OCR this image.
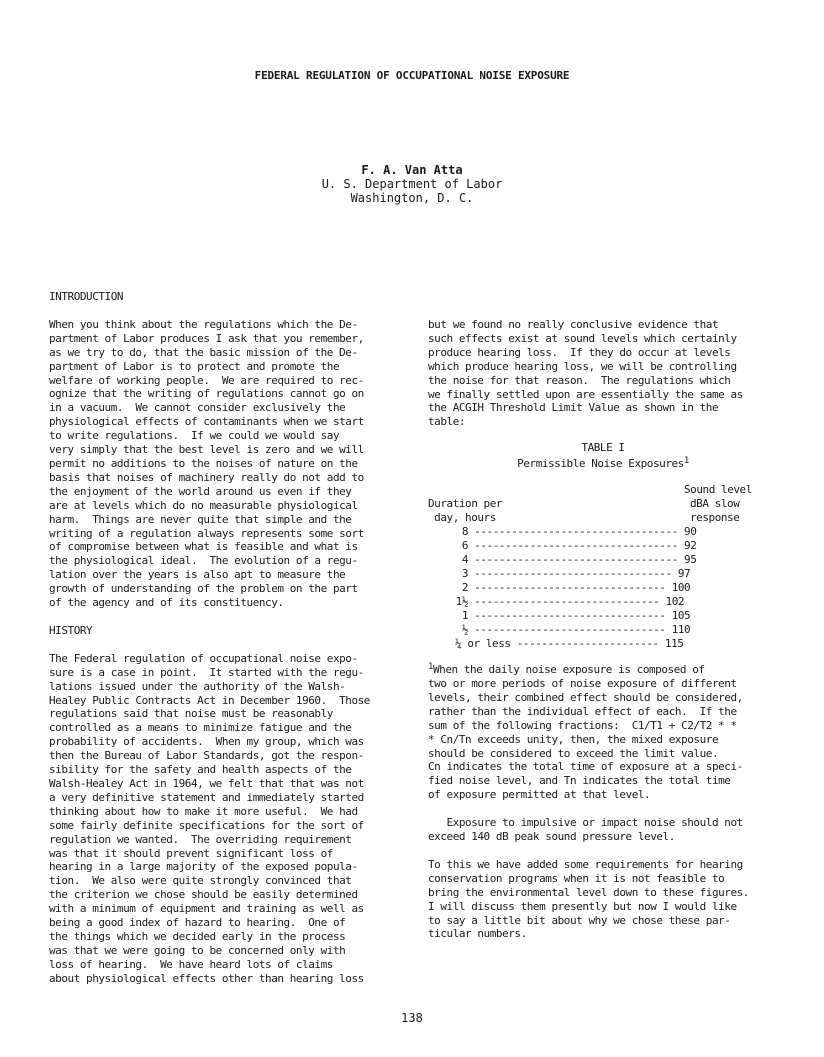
FEDERAL REGULATION OF OCCUPATIONAL NOISE EXPOSURE
F. A. Van Atta
U. S. Department of Labor
Washington, D. C.
INTRODUCTION

When you think about the regulations which the De-
partment of Labor produces I ask that you remember,
as we try to do, that the basic mission of the De-
partment of Labor is to protect and promote the
welfare of working people.  We are required to rec-
ognize that the writing of regulations cannot go on
in a vacuum.  We cannot consider exclusively the
physiological effects of contaminants when we start
to write regulations.  If we could we would say
very simply that the best level is zero and we will
permit no additions to the noises of nature on the
basis that noises of machinery really do not add to
the enjoyment of the world around us even if they
are at levels which do no measurable physiological
harm.  Things are never quite that simple and the
writing of a regulation always represents some sort
of compromise between what is feasible and what is
the physiological ideal.  The evolution of a regu-
lation over the years is also apt to measure the
growth of understanding of the problem on the part
of the agency and of its constituency.

HISTORY

The Federal regulation of occupational noise expo-
sure is a case in point.  It started with the regu-
lations issued under the authority of the Walsh-
Healey Public Contracts Act in December 1960.  Those
regulations said that noise must be reasonably
controlled as a means to minimize fatigue and the
probability of accidents.  When my group, which was
then the Bureau of Labor Standards, got the respon-
sibility for the safety and health aspects of the
Walsh-Healey Act in 1964, we felt that that was not
a very definitive statement and immediately started
thinking about how to make it more useful.  We had
some fairly definite specifications for the sort of
regulation we wanted.  The overriding requirement
was that it should prevent significant loss of
hearing in a large majority of the exposed popula-
tion.  We also were quite strongly convinced that
the criterion we chose should be easily determined
with a minimum of equipment and training as well as
being a good index of hazard to hearing.  One of
the things which we decided early in the process
was that we were going to be concerned only with
loss of hearing.  We have heard lots of claims
about physiological effects other than hearing loss

but we found no really conclusive evidence that
such effects exist at sound levels which certainly
produce hearing loss.  If they do occur at levels
which produce hearing loss, we will be controlling
the noise for that reason.  The regulations which
we finally settled upon are essentially the same as
the ACGIH Threshold Limit Value as shown in the
table:

TABLE I

Permissible Noise Exposures$^1$

Sound level
Duration per	dBA slow
day, hours	response
8 --------------------------------- 90
6 --------------------------------- 92
4 --------------------------------- 95
3 -------------------------------- 97
2 ------------------------------- 100
1½ ------------------------------ 102
1 ------------------------------- 105
½ ------------------------------- 110
¼ or less ----------------------- 115

$^1$When the daily noise exposure is composed of
two or more periods of noise exposure of different
levels, their combined effect should be considered,
rather than the individual effect of each.  If the
sum of the following fractions:  C1/T1 + C2/T2 * *
* Cn/Tn exceeds unity, then, the mixed exposure
should be considered to exceed the limit value.
Cn indicates the total time of exposure at a speci-
fied noise level, and Tn indicates the total time
of exposure permitted at that level.

Exposure to impulsive or impact noise should not
exceed 140 dB peak sound pressure level.

To this we have added some requirements for hearing
conservation programs when it is not feasible to
bring the environmental level down to these figures.
I will discuss them presently but now I would like
to say a little bit about why we chose these par-
ticular numbers.

138
